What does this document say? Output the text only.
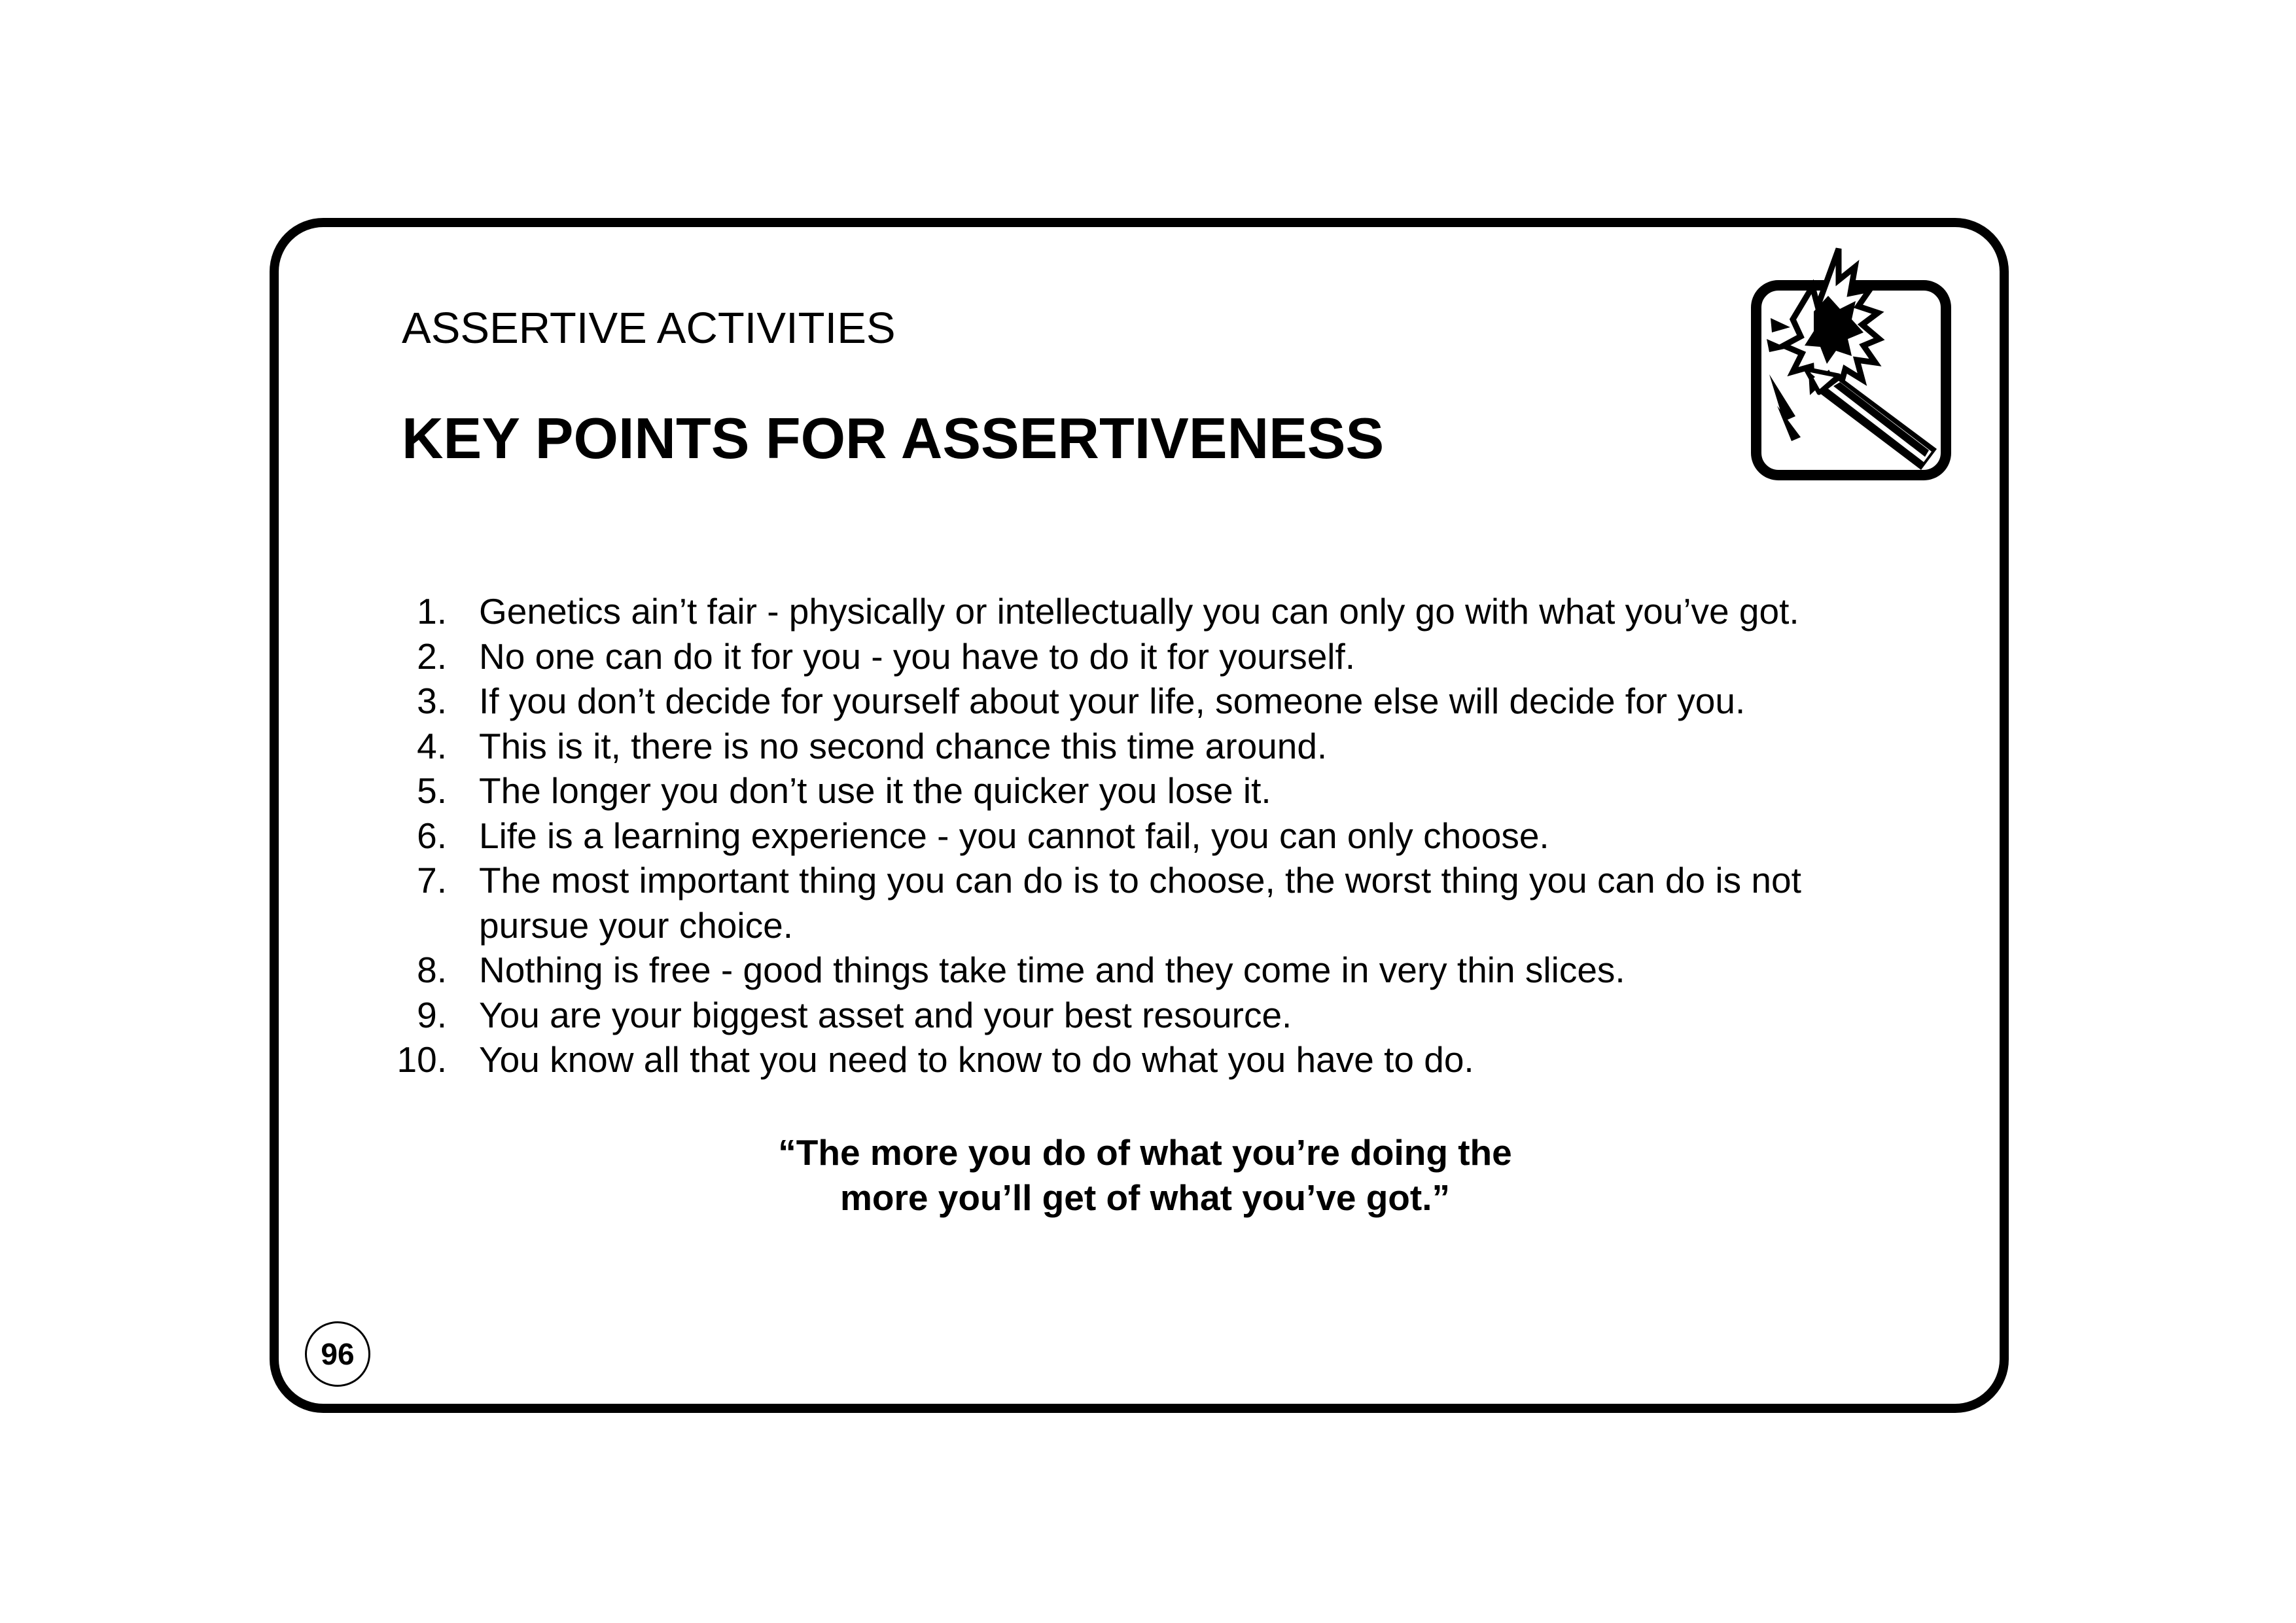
ASSERTIVE ACTIVITIES
KEY POINTS FOR ASSERTIVENESS
1. Genetics ain’t fair - physically or intellectually you can only go with what you’ve got.
2. No one can do it for you - you have to do it for yourself.
3. If you don’t decide for yourself about your life, someone else will decide for you.
4. This is it, there is no second chance this time around.
5. The longer you don’t use it the quicker you lose it.
6. Life is a learning experience - you cannot fail, you can only choose.
7. The most important thing you can do is to choose, the worst thing you can do is not pursue your choice.
8. Nothing is free - good things take time and they come in very thin slices.
9. You are your biggest asset and your best resource.
10. You know all that you need to know to do what you have to do.
“The more you do of what you’re doing the
more you’ll get of what you’ve got.”
96
